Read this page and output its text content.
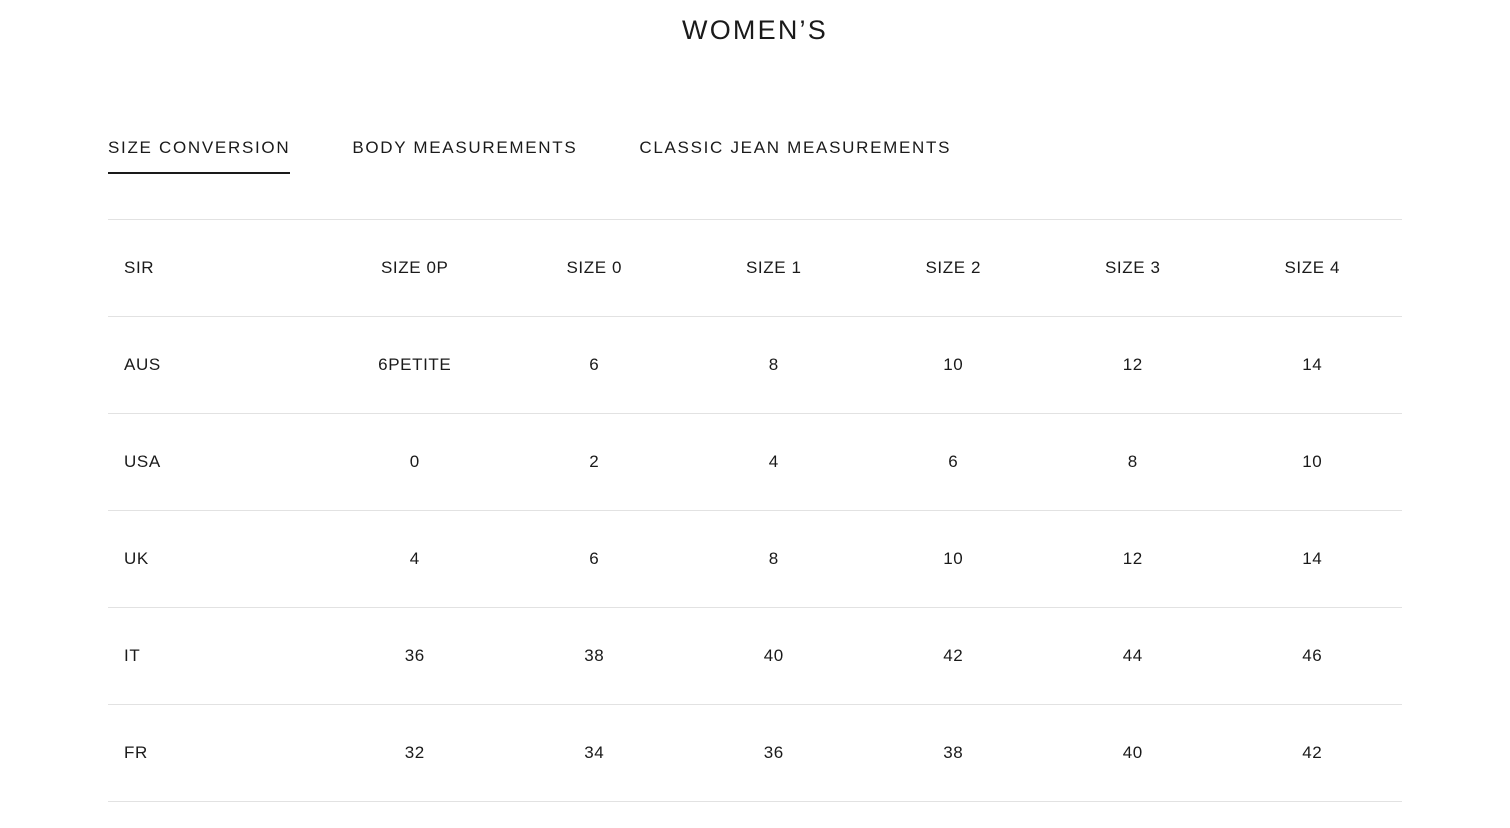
WOMEN’S
SIZE CONVERSION	BODY MEASUREMENTS	CLASSIC JEAN MEASUREMENTS
SIR	SIZE 0P	SIZE 0	SIZE 1	SIZE 2	SIZE 3	SIZE 4
AUS	6PETITE	6	8	10	12	14
USA	0	2	4	6	8	10
UK	4	6	8	10	12	14
IT	36	38	40	42	44	46
FR	32	34	36	38	40	42
